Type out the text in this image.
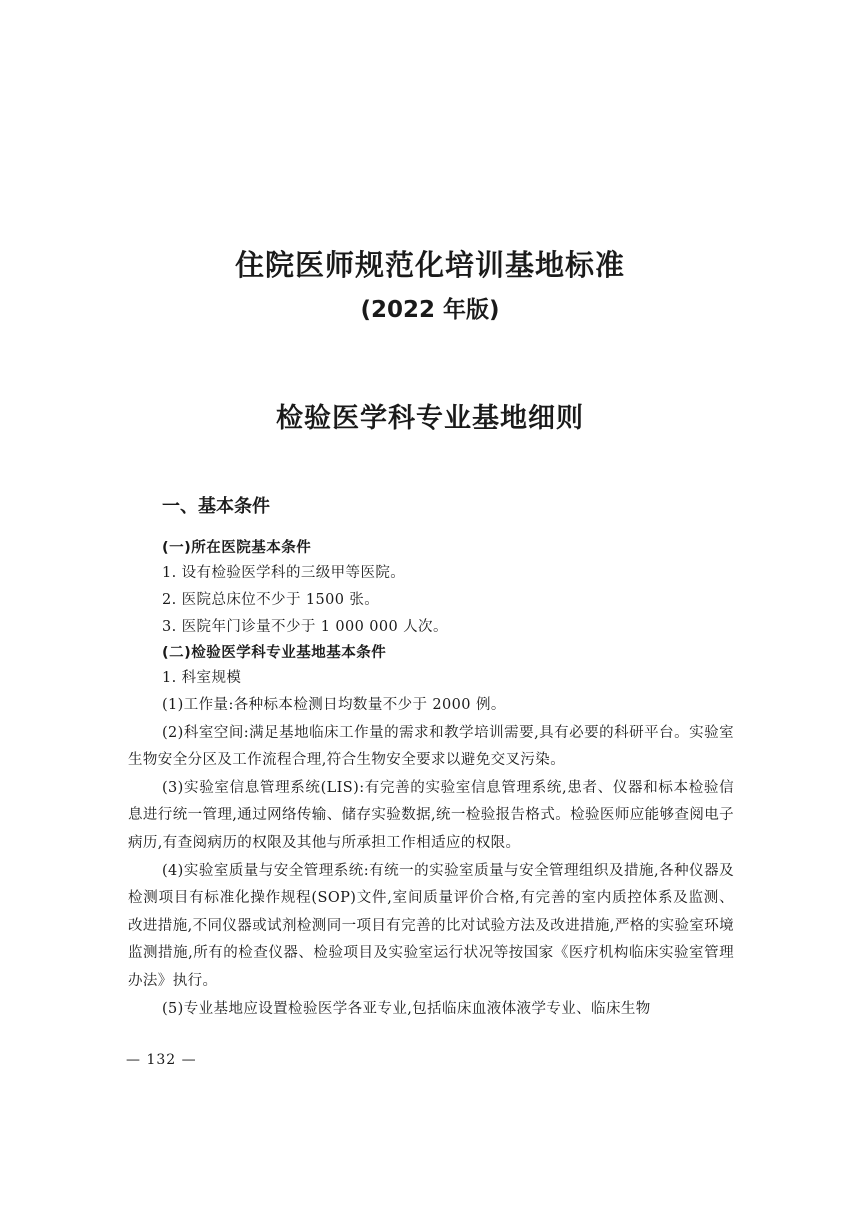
住院医师规范化培训基地标准
(2022 年版)
检验医学科专业基地细则
一、基本条件
(一)所在医院基本条件
1. 设有检验医学科的三级甲等医院。
2. 医院总床位不少于 1500 张。
3. 医院年门诊量不少于 1 000 000 人次。
(二)检验医学科专业基地基本条件
1. 科室规模

(1)工作量:各种标本检测日均数量不少于 2000 例。

(2)科室空间:满足基地临床工作量的需求和教学培训需要,具有必要的科研平台。实验室生物安全分区及工作流程合理,符合生物安全要求以避免交叉污染。

(3)实验室信息管理系统(LIS):有完善的实验室信息管理系统,患者、仪器和标本检验信息进行统一管理,通过网络传输、储存实验数据,统一检验报告格式。检验医师应能够查阅电子病历,有查阅病历的权限及其他与所承担工作相适应的权限。

(4)实验室质量与安全管理系统:有统一的实验室质量与安全管理组织及措施,各种仪器及检测项目有标准化操作规程(SOP)文件,室间质量评价合格,有完善的室内质控体系及监测、改进措施,不同仪器或试剂检测同一项目有完善的比对试验方法及改进措施,严格的实验室环境监测措施,所有的检查仪器、检验项目及实验室运行状况等按国家《医疗机构临床实验室管理办法》执行。

(5)专业基地应设置检验医学各亚专业,包括临床血液体液学专业、临床生物

— 132 —
